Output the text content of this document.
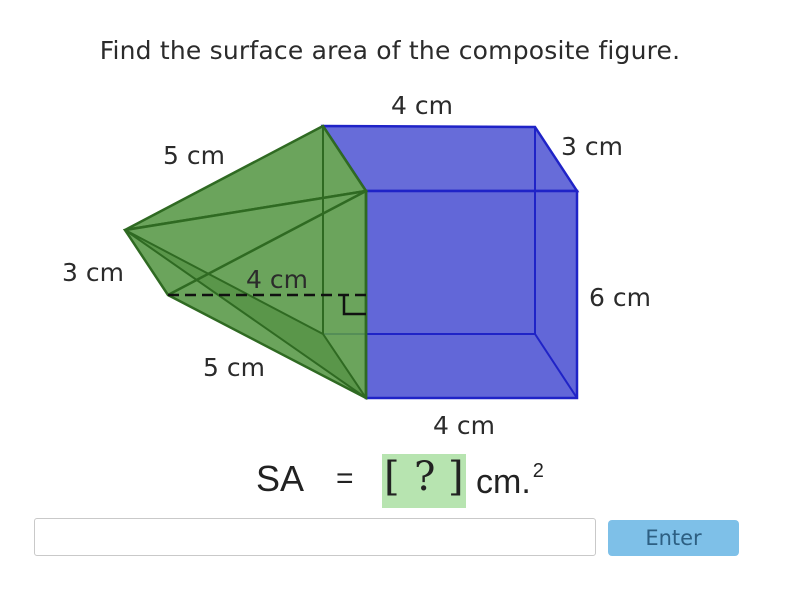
Find the surface area of the composite figure.
4 cm
3 cm
6 cm
4 cm
5 cm
5 cm
3 cm	4 cm
SA = [ ? ] cm. $^2$
Enter
